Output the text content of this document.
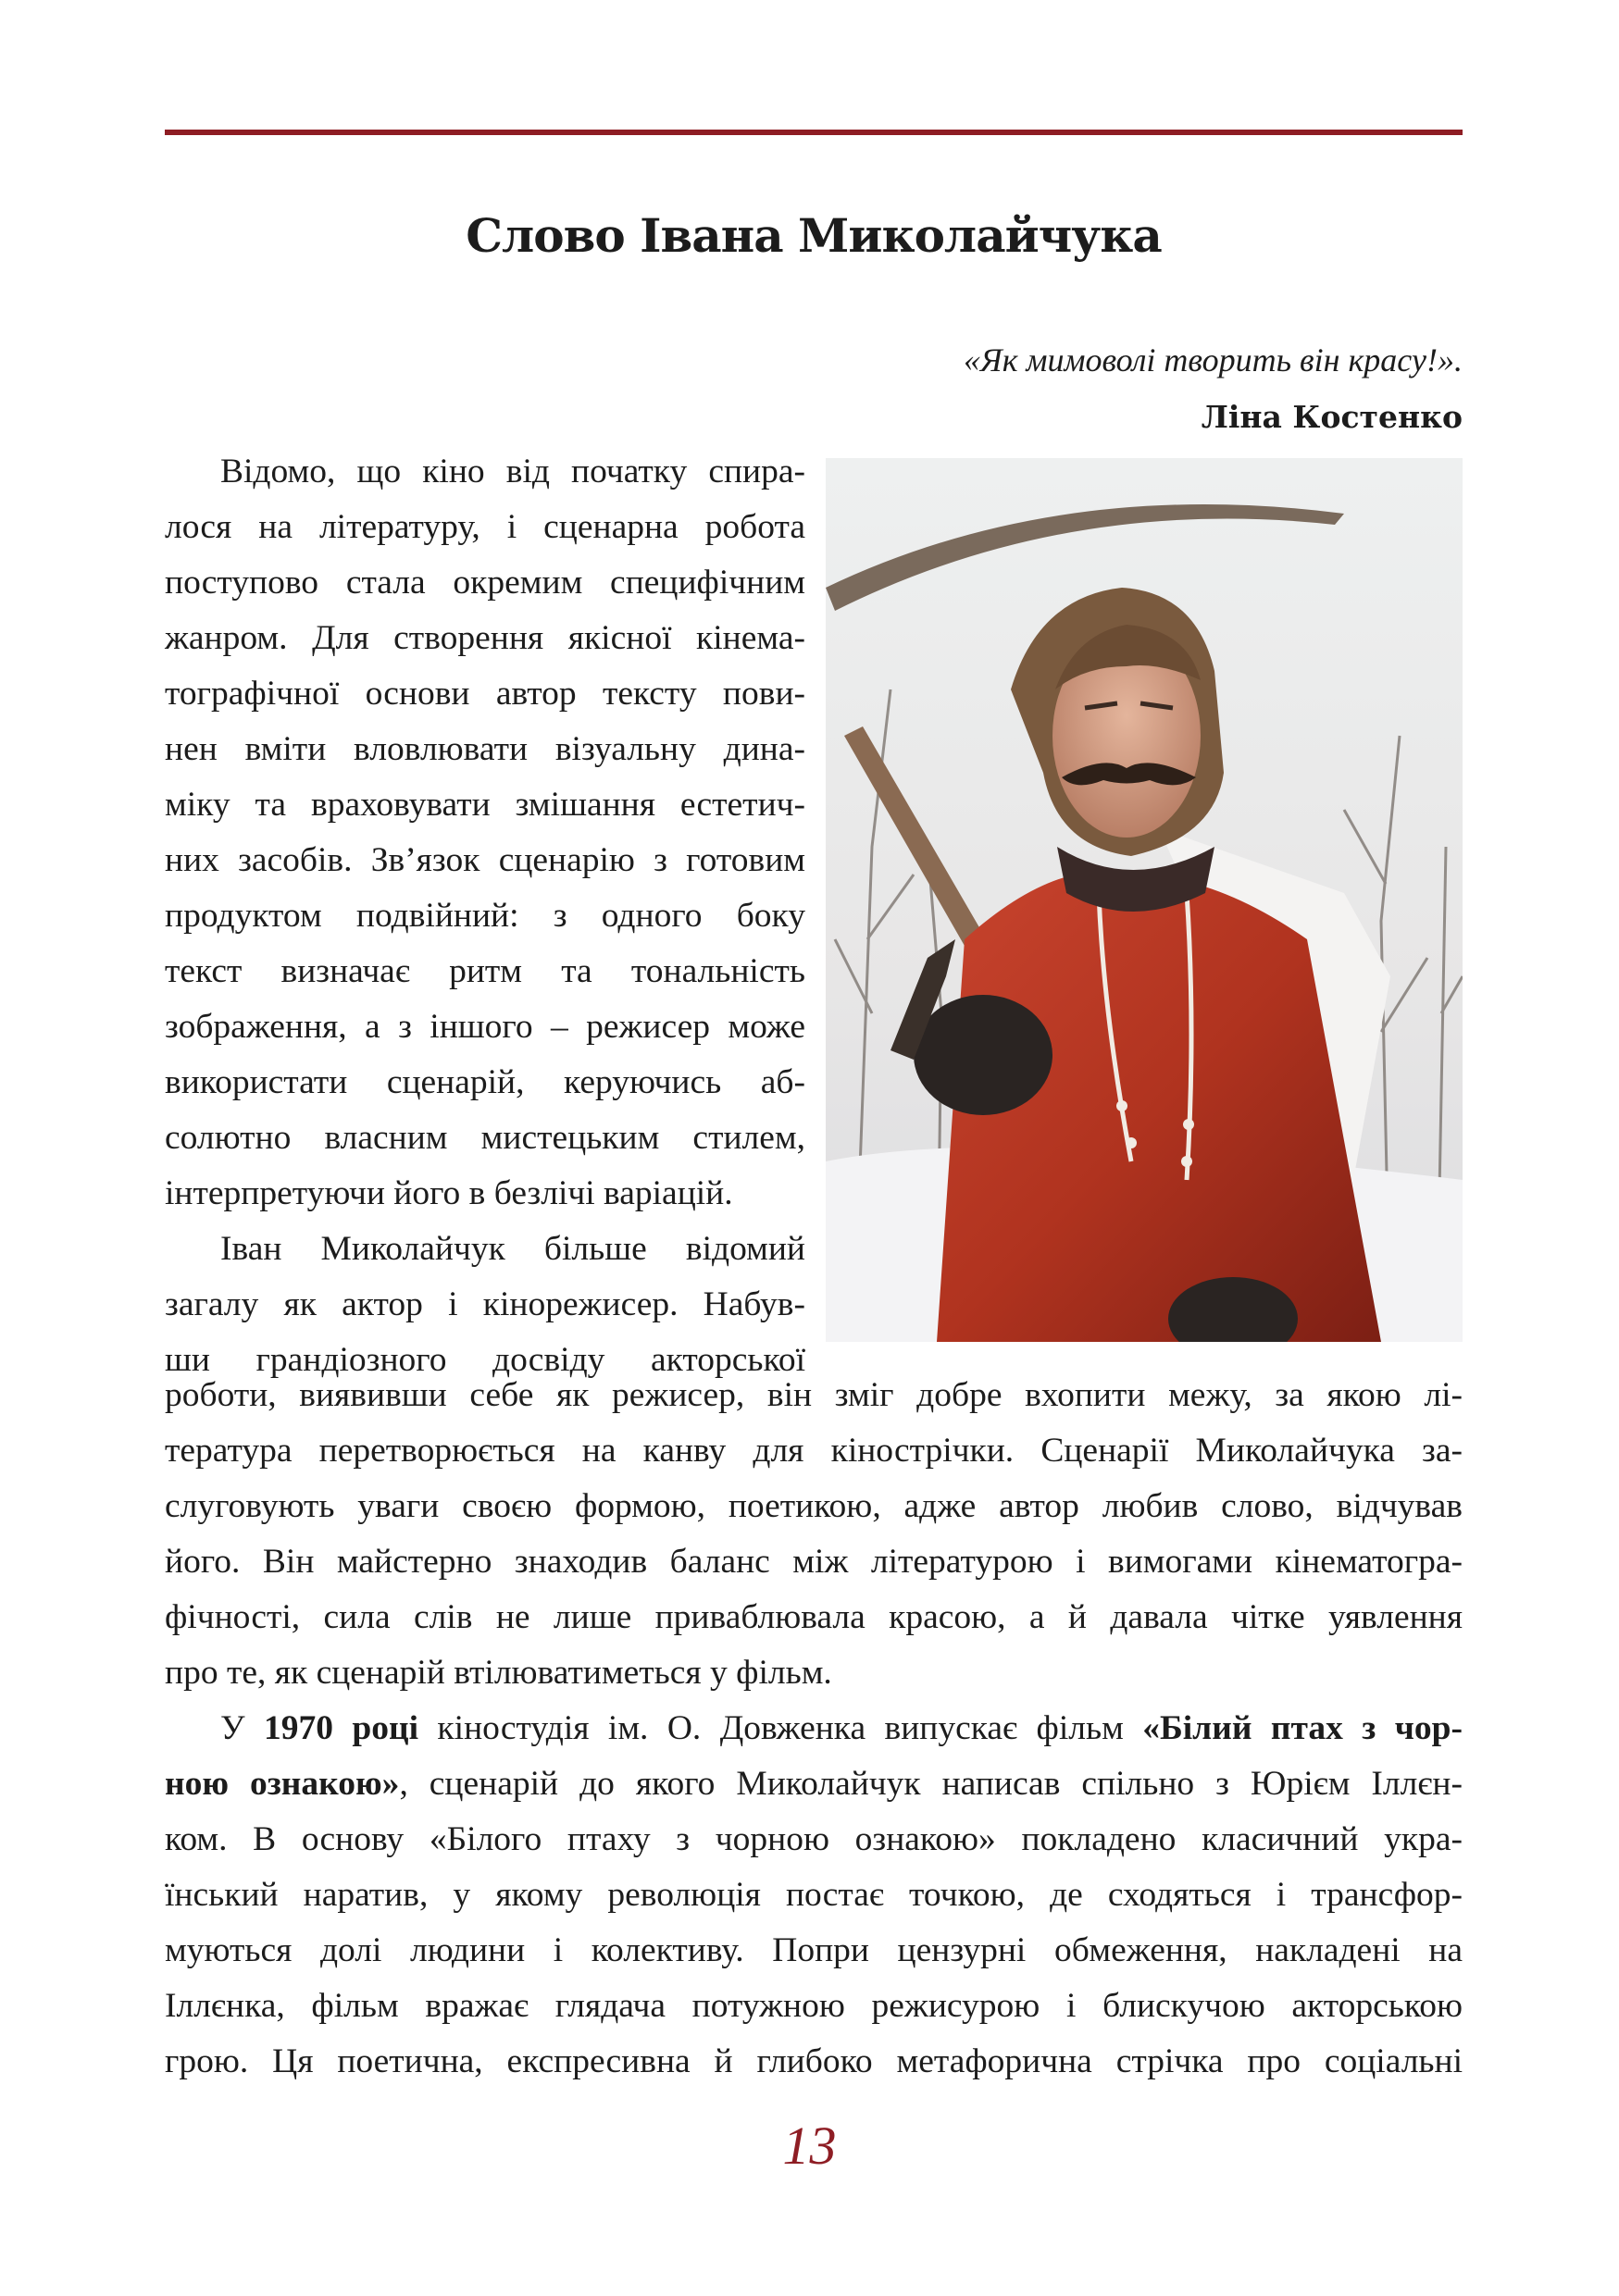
Слово Івана Миколайчука
«Як мимоволі творить він красу!».
Ліна Костенко
Відомо, що кіно від початку спира-
лося на літературу, і сценарна робота
поступово стала окремим специфічним
жанром. Для створення якісної кінема-
тографічної основи автор тексту пови-
нен вміти вловлювати візуальну дина-
міку та враховувати змішання естетич-
них засобів. Зв’язок сценарію з готовим
продуктом подвійний: з одного боку
текст визначає ритм та тональність
зображення, а з іншого – режисер може
використати сценарій, керуючись аб-
солютно власним мистецьким стилем,
інтерпретуючи його в безлічі варіацій.
Іван Миколайчук більше відомий
загалу як актор і кінорежисер. Набув-
ши грандіозного досвіду акторської
роботи, виявивши себе як режисер, він зміг добре вхопити межу, за якою лі-
тература перетворюється на канву для кінострічки. Сценарії Миколайчука за-
слуговують уваги своєю формою, поетикою, адже автор любив слово, відчував
його. Він майстерно знаходив баланс між літературою і вимогами кінематогра-
фічності, сила слів не лише приваблювала красою, а й давала чітке уявлення
про те, як сценарій втілюватиметься у фільм.
У 1970 році кіностудія ім. О. Довженка випускає фільм «Білий птах з чор-
ною ознакою», сценарій до якого Миколайчук написав спільно з Юрієм Іллєн-
ком. В основу «Білого птаху з чорною ознакою» покладено класичний укра-
їнський наратив, у якому революція постає точкою, де сходяться і трансфор-
муються долі людини і колективу. Попри цензурні обмеження, накладені на
Іллєнка, фільм вражає глядача потужною режисурою і блискучою акторською
грою. Ця поетична, експресивна й глибоко метафорична стрічка про соціальні
13
